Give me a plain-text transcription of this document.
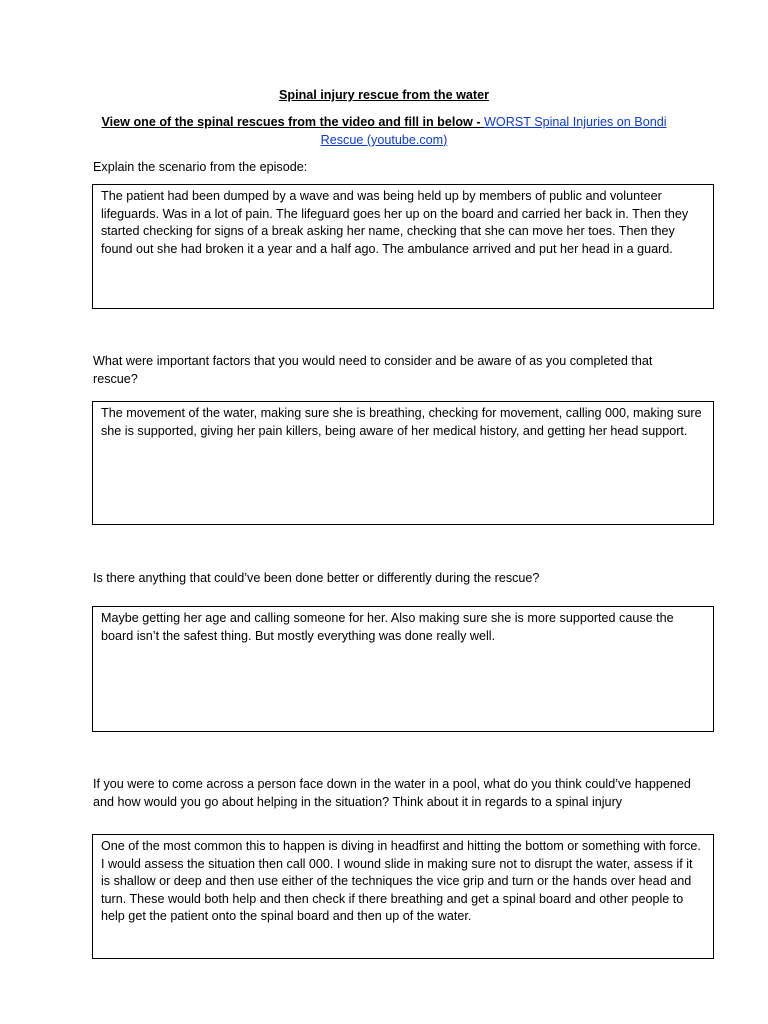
Spinal injury rescue from the water
View one of the spinal rescues from the video and fill in below - WORST Spinal Injuries on Bondi Rescue (youtube.com)
Explain the scenario from the episode:
The patient had been dumped by a wave and was being held up by members of public and volunteer lifeguards. Was in a lot of pain. The lifeguard goes her up on the board and carried her back in. Then they started checking for signs of a break asking her name, checking that she can move her toes. Then they found out she had broken it a year and a half ago. The ambulance arrived and put her head in a guard.
What were important factors that you would need to consider and be aware of as you completed that rescue?
The movement of the water, making sure she is breathing, checking for movement, calling 000, making sure she is supported, giving her pain killers, being aware of her medical history, and getting her head support.
Is there anything that could’ve been done better or differently during the rescue?
Maybe getting her age and calling someone for her. Also making sure she is more supported cause the board isn’t the safest thing. But mostly everything was done really well.
If you were to come across a person face down in the water in a pool, what do you think could’ve happened and how would you go about helping in the situation? Think about it in regards to a spinal injury
One of the most common this to happen is diving in headfirst and hitting the bottom or something with force. I would assess the situation then call 000. I wound slide in making sure not to disrupt the water, assess if it is shallow or deep and then use either of the techniques the vice grip and turn or the hands over head and turn. These would both help and then check if there breathing and get a spinal board and other people to help get the patient onto the spinal board and then up of the water.
